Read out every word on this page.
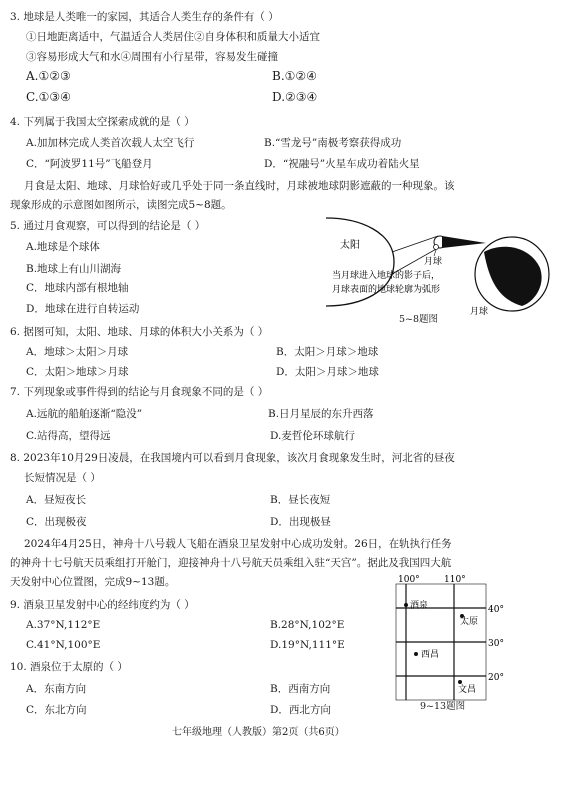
3. 地球是人类唯一的家园，其适合人类生存的条件有（ ）
①日地距离适中，气温适合人类居住②自身体积和质量大小适宜
③容易形成大气和水④周围有小行星带，容易发生碰撞
A.①②③	B.①②④
C.①③④	D.②③④
4. 下列属于我国太空探索成就的是（ ）
A.加加林完成人类首次载人太空飞行	B.“雪龙号”南极考察获得成功
C．“阿波罗11号”飞船登月	D．“祝融号”火星车成功着陆火星
月食是太阳、地球、月球恰好或几乎处于同一条直线时，月球被地球阴影遮蔽的一种现象。该
现象形成的示意图如图所示，读图完成5~8题。
5. 通过月食观察，可以得到的结论是（ ）
A.地球是个球体
B.地球上有山川湖海
C．地球内部有根地轴
D．地球在进行自转运动
太阳
月球
当月球进入地球的影子后，
月球表面的地球轮廓为弧形
月球
5~8题图
6. 据图可知，太阳、地球、月球的体积大小关系为（ ）
A．地球＞太阳＞月球	B．太阳＞月球＞地球
C．太阳＞地球＞月球	D．太阳＞月球＞地球
7. 下列现象或事件得到的结论与月食现象不同的是（ ）
A.远航的船舶逐渐“隐没”	B.日月星辰的东升西落
C.站得高，望得远	D.麦哲伦环球航行
8. 2023年10月29日凌晨，在我国境内可以看到月食现象，该次月食现象发生时，河北省的昼夜
长短情况是（ ）
A．昼短夜长	B．昼长夜短
C．出现极夜	D．出现极昼
2024年4月25日，神舟十八号载人飞船在酒泉卫星发射中心成功发射。26日，在轨执行任务
的神舟十七号航天员乘组打开舱门，迎接神舟十八号航天员乘组入驻“天宫”。据此及我国四大航
天发射中心位置图，完成9~13题。
9. 酒泉卫星发射中心的经纬度约为（ ）
A.37°N,112°E	B.28°N,102°E
C.41°N,100°E	D.19°N,111°E
10. 酒泉位于太原的（ ）
A．东南方向	B．西南方向
C．东北方向	D．西北方向
100°	110°
40°
30°
20°
酒泉
太原
西昌
文昌
9~13题图
七年级地理（人教版）第2页（共6页）
